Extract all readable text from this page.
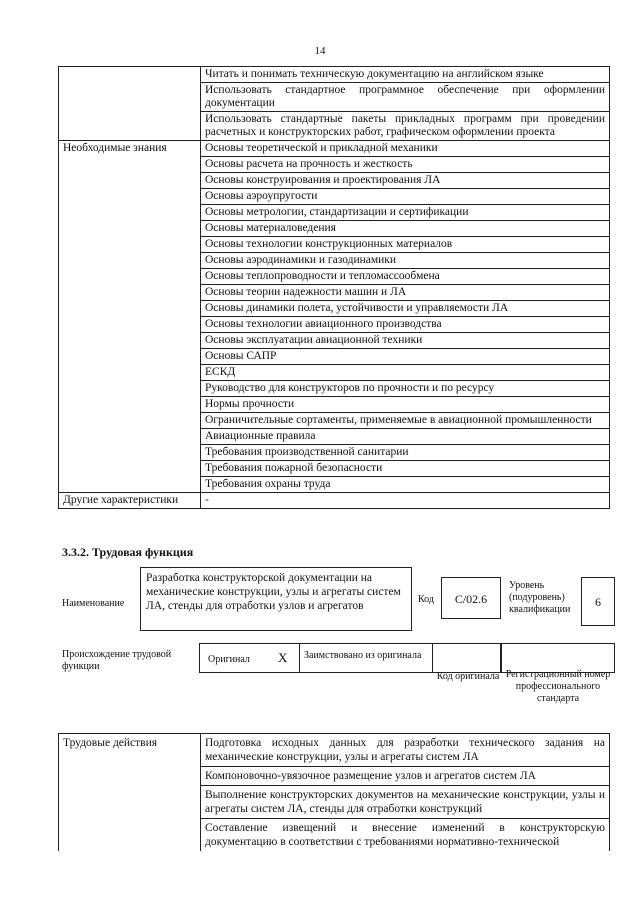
14
	Читать и понимать техническую документацию на английском языке
	Использовать стандартное программное обеспечение при оформлении документации
	Использовать стандартные пакеты прикладных программ при проведении расчетных и конструкторских работ, графическом оформлении проекта
Необходимые знания	Основы теоретической и прикладной механики
	Основы расчета на прочность и жесткость
	Основы конструирования и проектирования ЛА
	Основы аэроупругости
	Основы метрологии, стандартизации и сертификации
	Основы материаловедения
	Основы технологии конструкционных материалов
	Основы аэродинамики и газодинамики
	Основы теплопроводности и тепломассообмена
	Основы теории надежности машин и ЛА
	Основы динамики полета, устойчивости и управляемости ЛА
	Основы технологии авиационного производства
	Основы эксплуатации авиационной техники
	Основы САПР
	ЕСКД
	Руководство для конструкторов по прочности и по ресурсу
	Нормы прочности
	Ограничительные сортаменты, применяемые в авиационной промышленности
	Авиационные правила
	Требования производственной санитарии
	Требования пожарной безопасности
	Требования охраны труда
Другие характеристики	-
3.3.2. Трудовая функция
Наименование
Разработка конструкторской документации на механические конструкции, узлы и агрегаты систем ЛА, стенды для отработки узлов и агрегатов
Код	C/02.6
Уровень (подуровень) квалификации
6
Происхождение трудовой функции
Оригинал X	Заимствовано из оригинала
Код оригинала Регистрационный номер профессионального стандарта
Трудовые действия	Подготовка исходных данных для разработки технического задания на механические конструкции, узлы и агрегаты систем ЛА
	Компоновочно-увязочное размещение узлов и агрегатов систем ЛА
	Выполнение конструкторских документов на механические конструкции, узлы и агрегаты систем ЛА, стенды для отработки конструкций
	Составление извещений и внесение изменений в конструкторскую документацию в соответствии с требованиями нормативно-технической
